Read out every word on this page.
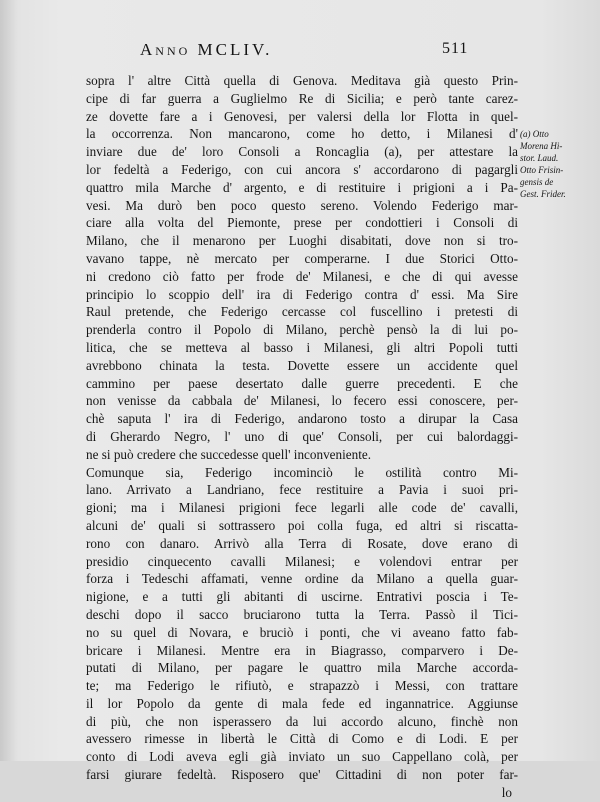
Anno MCLIV.	511
sopra l' altre Città quella di Genova. Meditava già questo Prin-
cipe di far guerra a Guglielmo Re di Sicilia; e però tante carez-
ze dovette fare a i Genovesi, per valersi della lor Flotta in quel-
la occorrenza. Non mancarono, come ho detto, i Milanesi d'
inviare due de' loro Consoli a Roncaglia (a), per attestare la
lor fedeltà a Federigo, con cui ancora s' accordarono di pagargli
quattro mila Marche d' argento, e di restituire i prigioni a i Pa-
vesi. Ma durò ben poco questo sereno. Volendo Federigo mar-
ciare alla volta del Piemonte, prese per condottieri i Consoli di
Milano, che il menarono per Luoghi disabitati, dove non si tro-
vavano tappe, nè mercato per comperarne. I due Storici Otto-
ni credono ciò fatto per frode de' Milanesi, e che di qui avesse
principio lo scoppio dell' ira di Federigo contra d' essi. Ma Sire
Raul pretende, che Federigo cercasse col fuscellino i pretesti di
prenderla contro il Popolo di Milano, perchè pensò la di lui po-
litica, che se metteva al basso i Milanesi, gli altri Popoli tutti
avrebbono chinata la testa. Dovette essere un accidente quel
cammino per paese desertato dalle guerre precedenti. E che
non venisse da cabbala de' Milanesi, lo fecero essi conoscere, per-
chè saputa l' ira di Federigo, andarono tosto a dirupar la Casa
di Gherardo Negro, l' uno di que' Consoli, per cui balordaggi-
ne si può credere che succedesse quell' inconveniente.
Comunque sia, Federigo incominciò le ostilità contro Mi-
lano. Arrivato a Landriano, fece restituire a Pavia i suoi pri-
gioni; ma i Milanesi prigioni fece legarli alle code de' cavalli,
alcuni de' quali si sottrassero poi colla fuga, ed altri si riscatta-
rono con danaro. Arrivò alla Terra di Rosate, dove erano di
presidio cinquecento cavalli Milanesi; e volendovi entrar per
forza i Tedeschi affamati, venne ordine da Milano a quella guar-
nigione, e a tutti gli abitanti di uscirne. Entrativi poscia i Te-
deschi dopo il sacco bruciarono tutta la Terra. Passò il Tici-
no su quel di Novara, e bruciò i ponti, che vi aveano fatto fab-
bricare i Milanesi. Mentre era in Biagrasso, comparvero i De-
putati di Milano, per pagare le quattro mila Marche accorda-
te; ma Federigo le rifiutò, e strapazzò i Messi, con trattare
il lor Popolo da gente di mala fede ed ingannatrice. Aggiunse
di più, che non isperassero da lui accordo alcuno, finchè non
avessero rimesse in libertà le Città di Como e di Lodi. E per
conto di Lodi aveva egli già inviato un suo Cappellano colà, per
farsi giurare fedeltà. Risposero que' Cittadini di non poter far-
lo
(a) Otto
Morena Hi-
stor. Laud.
Otto Frisin-
gensis de
Gest. Frider.
